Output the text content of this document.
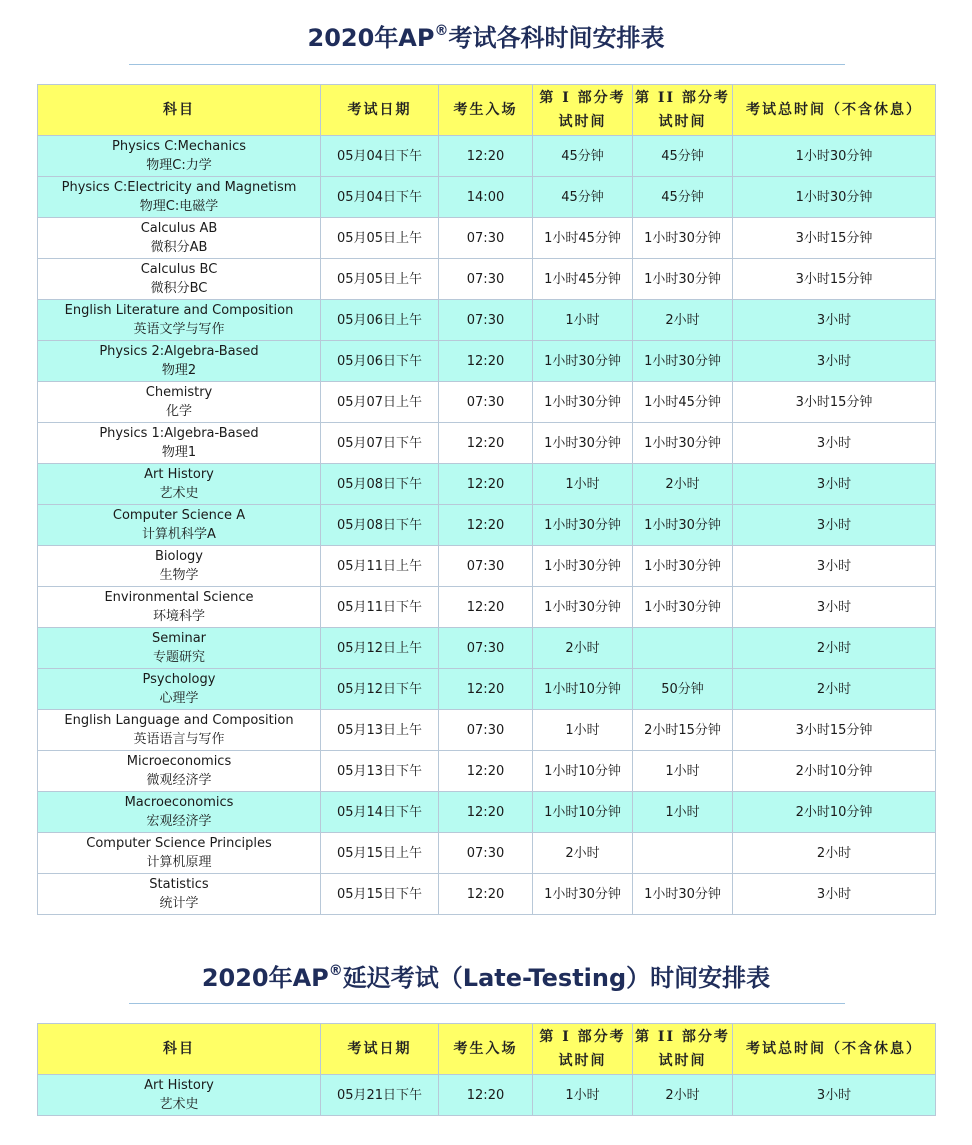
2020年AP®考试各科时间安排表
科目	考试日期	考生入场	第 I 部分考试时间	第 II 部分考试时间	考试总时间（不含休息）

Physics C:Mechanics
物理C:力学	05月04日下午	12:20	45分钟	45分钟	1小时30分钟

Physics C:Electricity and Magnetism
物理C:电磁学	05月04日下午	14:00	45分钟	45分钟	1小时30分钟

Calculus AB
微积分AB	05月05日上午	07:30	1小时45分钟	1小时30分钟	3小时15分钟

Calculus BC
微积分BC	05月05日上午	07:30	1小时45分钟	1小时30分钟	3小时15分钟

English Literature and Composition
英语文学与写作	05月06日上午	07:30	1小时	2小时	3小时

Physics 2:Algebra-Based
物理2	05月06日下午	12:20	1小时30分钟	1小时30分钟	3小时

Chemistry
化学	05月07日上午	07:30	1小时30分钟	1小时45分钟	3小时15分钟

Physics 1:Algebra-Based
物理1	05月07日下午	12:20	1小时30分钟	1小时30分钟	3小时

Art History
艺术史	05月08日下午	12:20	1小时	2小时	3小时

Computer Science A
计算机科学A	05月08日下午	12:20	1小时30分钟	1小时30分钟	3小时

Biology
生物学	05月11日上午	07:30	1小时30分钟	1小时30分钟	3小时

Environmental Science
环境科学	05月11日下午	12:20	1小时30分钟	1小时30分钟	3小时

Seminar
专题研究	05月12日上午	07:30	2小时		2小时

Psychology
心理学	05月12日下午	12:20	1小时10分钟	50分钟	2小时

English Language and Composition
英语语言与写作	05月13日上午	07:30	1小时	2小时15分钟	3小时15分钟

Microeconomics
微观经济学	05月13日下午	12:20	1小时10分钟	1小时	2小时10分钟

Macroeconomics
宏观经济学	05月14日下午	12:20	1小时10分钟	1小时	2小时10分钟

Computer Science Principles
计算机原理	05月15日上午	07:30	2小时		2小时

Statistics
统计学	05月15日下午	12:20	1小时30分钟	1小时30分钟	3小时
2020年AP®延迟考试（Late-Testing）时间安排表
科目	考试日期	考生入场	第 I 部分考试时间	第 II 部分考试时间	考试总时间（不含休息）

Art History
艺术史	05月21日下午	12:20	1小时	2小时	3小时
